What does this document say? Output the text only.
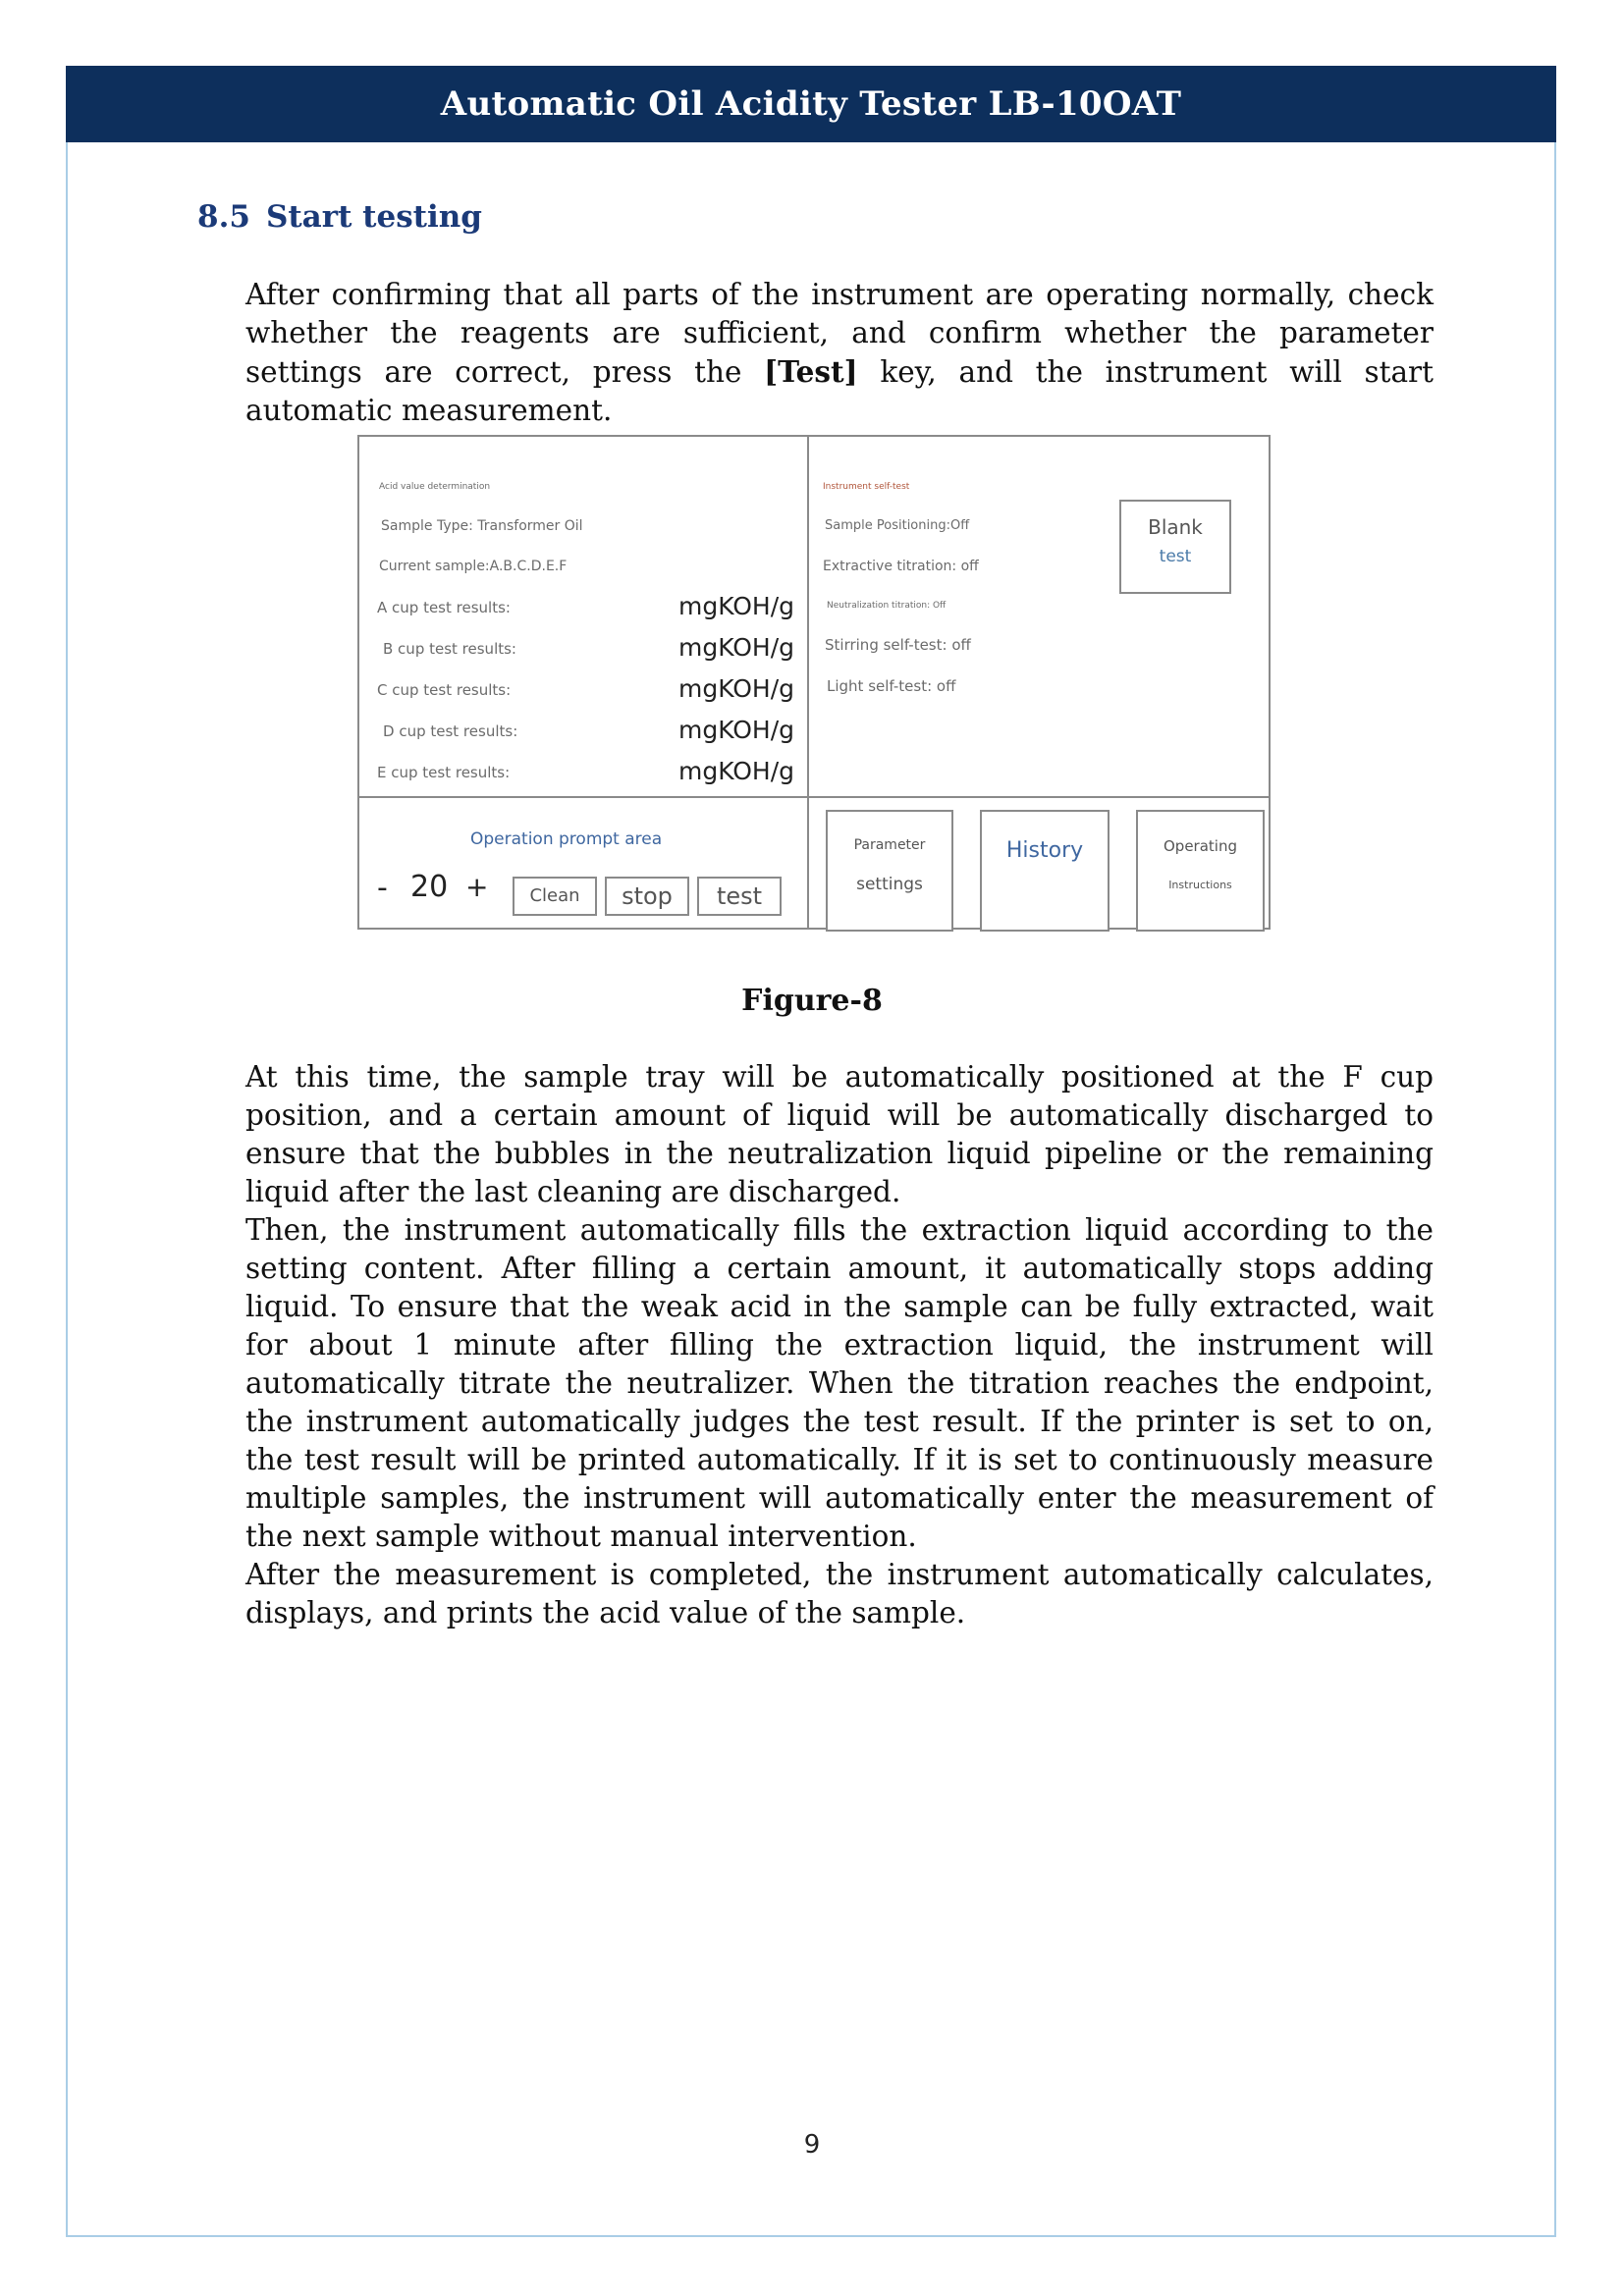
Automatic Oil Acidity Tester LB-10OAT
8.5 Start testing

After confirming that all parts of the instrument are operating normally, check whether the reagents are sufficient, and confirm whether the parameter settings are correct, press the [Test] key, and the instrument will start automatic measurement.

Acid value determination
Sample Type: Transformer Oil
Current sample:A.B.C.D.E.F
A cup test results:	mgKOH/g
B cup test results:	mgKOH/g
C cup test results:	mgKOH/g
D cup test results:	mgKOH/g
E cup test results:	mgKOH/g
Instrument self-test
Sample Positioning:Off
Extractive titration: off
Neutralization titration: Off
Stirring self-test: off
Light self-test: off
Blank
test
Operation prompt area
- 20 +	Clean	stop	test
Parameter
settings
History	Operating
Instructions
Figure-8

At this time, the sample tray will be automatically positioned at the F cup position, and a certain amount of liquid will be automatically discharged to ensure that the bubbles in the neutralization liquid pipeline or the remaining liquid after the last cleaning are discharged.

Then, the instrument automatically fills the extraction liquid according to the setting content. After filling a certain amount, it automatically stops adding liquid. To ensure that the weak acid in the sample can be fully extracted, wait for about 1 minute after filling the extraction liquid, the instrument will automatically titrate the neutralizer. When the titration reaches the endpoint, the instrument automatically judges the test result. If the printer is set to on, the test result will be printed automatically. If it is set to continuously measure multiple samples, the instrument will automatically enter the measurement of the next sample without manual intervention.

After the measurement is completed, the instrument automatically calculates, displays, and prints the acid value of the sample.

9
